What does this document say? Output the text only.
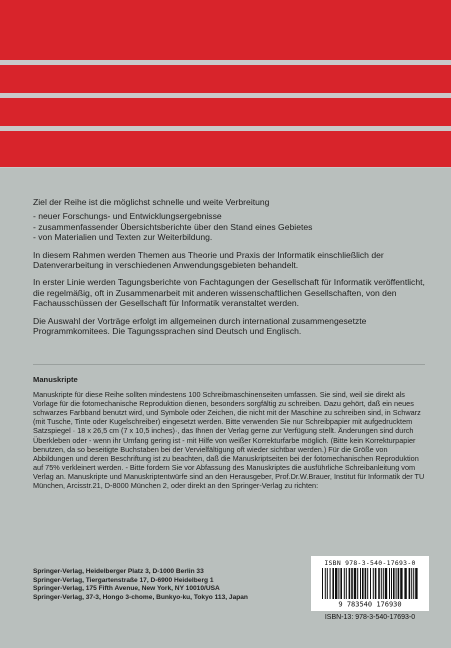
Ziel der Reihe ist die möglichst schnelle und weite Verbreitung

- neuer Forschungs- und Entwicklungsergebnisse
- zusammenfassender Übersichtsberichte über den Stand eines Gebietes
- von Materialien und Texten zur Weiterbildung.

In diesem Rahmen werden Themen aus Theorie und Praxis der Informatik einschließlich der Datenverarbeitung in verschiedenen Anwendungsgebieten behandelt.

In erster Linie werden Tagungsberichte von Fachtagungen der Gesellschaft für Informatik veröffentlicht, die regelmäßig, oft in Zusammenarbeit mit anderen wissenschaftlichen Gesellschaften, von den Fachausschüssen der Gesellschaft für Informatik veranstaltet werden.

Die Auswahl der Vorträge erfolgt im allgemeinen durch international zusammengesetzte Programmkomitees. Die Tagungssprachen sind Deutsch und Englisch.

Manuskripte

Manuskripte für diese Reihe sollten mindestens 100 Schreibmaschinenseiten umfassen. Sie sind, weil sie direkt als Vorlage für die fotomechanische Reproduktion dienen, besonders sorgfältig zu schreiben. Dazu gehört, daß ein neues schwarzes Farbband benutzt wird, und Symbole oder Zeichen, die nicht mit der Maschine zu schreiben sind, in Schwarz (mit Tusche, Tinte oder Kugelschreiber) eingesetzt werden. Bitte verwenden Sie nur Schreibpapier mit aufgedrucktem Satzspiegel · 18 x 26,5 cm (7 x 10,5 inches)·, das Ihnen der Verlag gerne zur Verfügung stellt. Änderungen sind durch Überkleben oder - wenn ihr Umfang gering ist - mit Hilfe von weißer Korrekturfarbe möglich. (Bitte kein Korrekturpapier benutzen, da so beseitigte Buchstaben bei der Vervielfältigung oft wieder sichtbar werden.) Für die Größe von Abbildungen und deren Beschriftung ist zu beachten, daß die Manuskriptseiten bei der fotomechanischen Reproduktion auf 75% verkleinert werden. - Bitte fordern Sie vor Abfassung des Manuskriptes die ausführliche Schreibanleitung vom Verlag an. Manuskripte und Manuskriptentwürfe sind an den Herausgeber, Prof.Dr.W.Brauer, Institut für Informatik der TU München, Arcisstr.21, D-8000 München 2, oder direkt an den Springer-Verlag zu richten:

Springer-Verlag, Heidelberger Platz 3, D-1000 Berlin 33
Springer-Verlag, Tiergartenstraße 17, D-6900 Heidelberg 1
Springer-Verlag, 175 Fifth Avenue, New York, NY 10010/USA
Springer-Verlag, 37-3, Hongo 3-chome, Bunkyo-ku, Tokyo 113, Japan
ISBN 978-3-540-17693-0
9 783540 176930
ISBN-13: 978-3-540-17693-0
